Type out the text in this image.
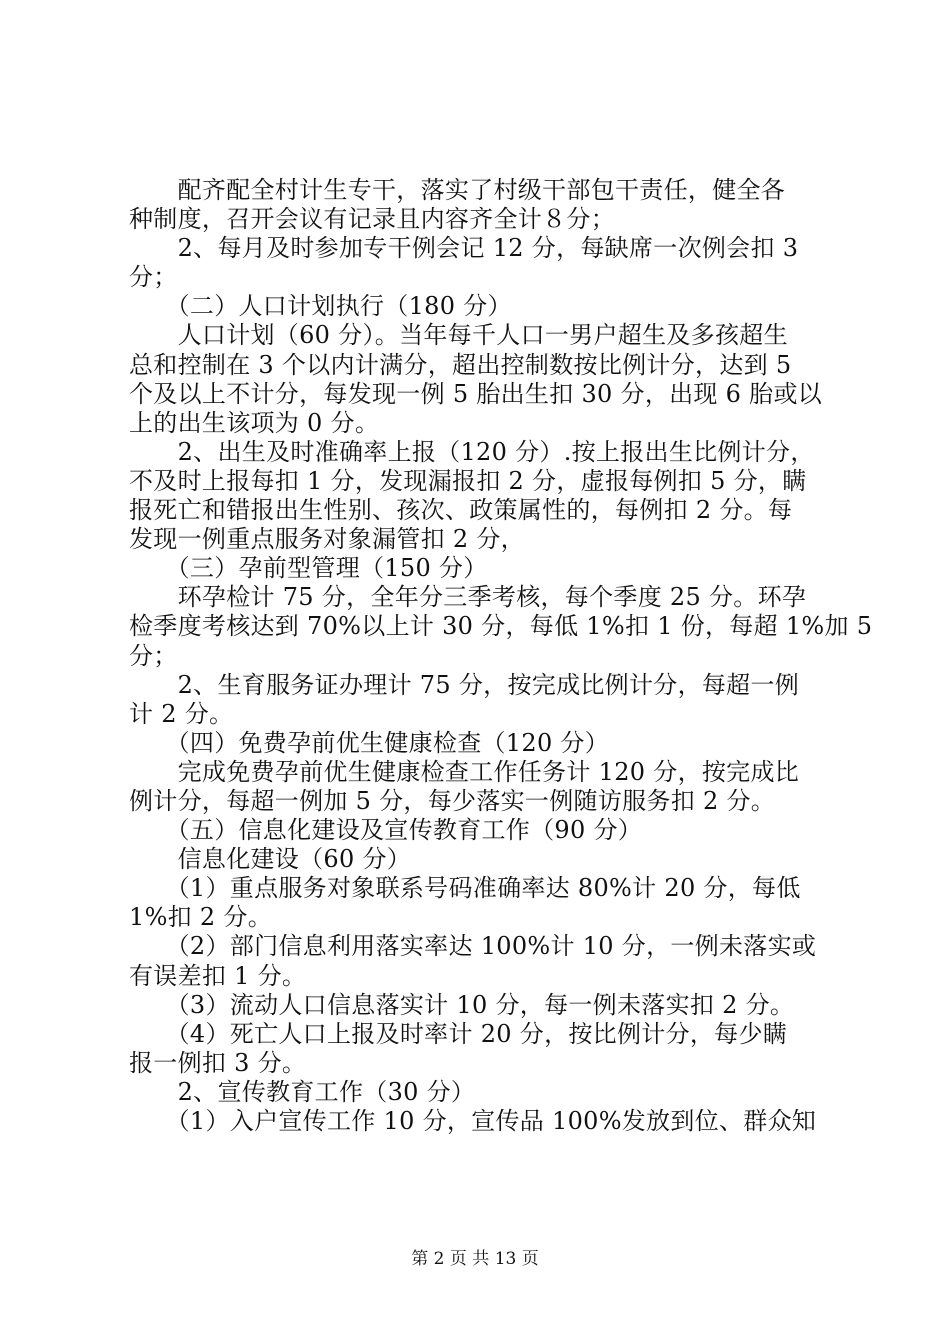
　　配齐配全村计生专干，落实了村级干部包干责任，健全各
种制度，召开会议有记录且内容齐全计８分；
　　2、每月及时参加专干例会记 12 分，每缺席一次例会扣 3
分；
　　（二）人口计划执行（180 分）
　　人口计划（60 分）。当年每千人口一男户超生及多孩超生
总和控制在 3 个以内计满分，超出控制数按比例计分，达到 5
个及以上不计分，每发现一例 5 胎出生扣 30 分，出现 6 胎或以
上的出生该项为 0 分。
　　2、出生及时准确率上报（120 分）.按上报出生比例计分，
不及时上报每扣 1 分，发现漏报扣 2 分，虚报每例扣 5 分，瞒
报死亡和错报出生性别、孩次、政策属性的，每例扣 2 分。每
发现一例重点服务对象漏管扣 2 分，
　　（三）孕前型管理（150 分）
　　环孕检计 75 分，全年分三季考核，每个季度 25 分。环孕
检季度考核达到 70%以上计 30 分，每低 1%扣 1 份，每超 1%加 5
分；
　　2、生育服务证办理计 75 分，按完成比例计分，每超一例
计 2 分。
　　（四）免费孕前优生健康检查（120 分）
　　完成免费孕前优生健康检查工作任务计 120 分，按完成比
例计分，每超一例加 5 分，每少落实一例随访服务扣 2 分。
　　（五）信息化建设及宣传教育工作（90 分）
　　信息化建设（60 分）
　　（1）重点服务对象联系号码准确率达 80%计 20 分，每低
1%扣 2 分。
　　（2）部门信息利用落实率达 100%计 10 分，一例未落实或
有误差扣 1 分。
　　（3）流动人口信息落实计 10 分，每一例未落实扣 2 分。
　　（4）死亡人口上报及时率计 20 分，按比例计分，每少瞒
报一例扣 3 分。
　　2、宣传教育工作（30 分）
　　（1）入户宣传工作 10 分，宣传品 100%发放到位、群众知
第 2 页 共 13 页
